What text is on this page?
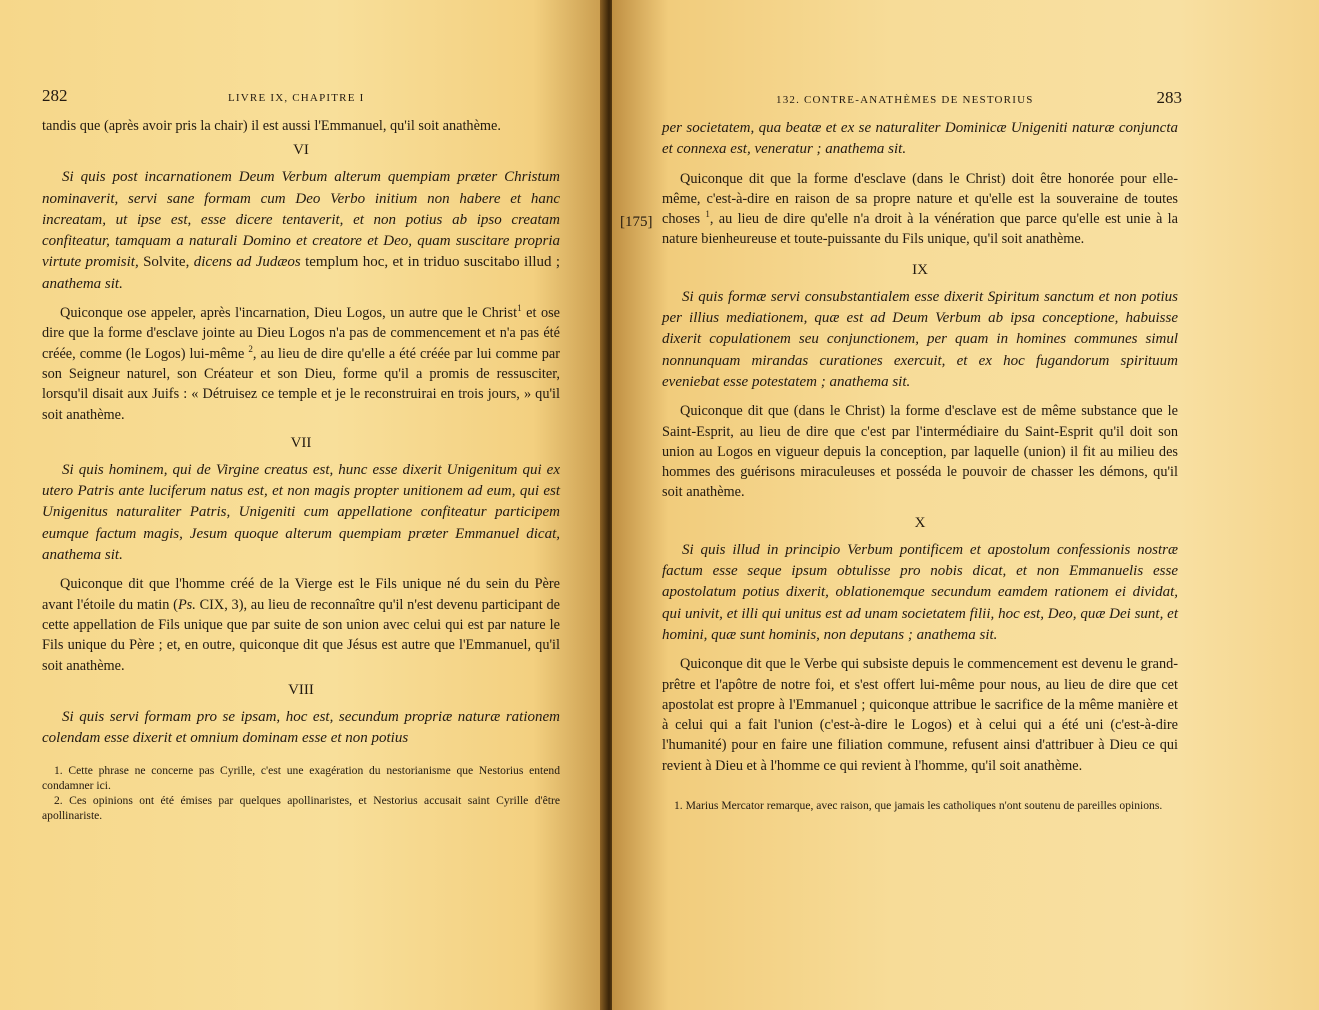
282	LIVRE IX, CHAPITRE I

tandis que (après avoir pris la chair) il est aussi l'Emmanuel, qu'il soit anathème.

VI

Si quis post incarnationem Deum Verbum alterum quempiam præter Christum nominaverit, servi sane formam cum Deo Verbo initium non habere et hanc increatam, ut ipse est, esse dicere tentaverit, et non potius ab ipso creatam confiteatur, tamquam a naturali Domino et creatore et Deo, quam suscitare propria virtute promisit, Solvite, dicens ad Judæos templum hoc, et in triduo suscitabo illud ; anathema sit.

Quiconque ose appeler, après l'incarnation, Dieu Logos, un autre que le Christ$^1$ et ose dire que la forme d'esclave jointe au Dieu Logos n'a pas de commencement et n'a pas été créée, comme (le Logos) lui-même $^2$, au lieu de dire qu'elle a été créée par lui comme par son Seigneur naturel, son Créateur et son Dieu, forme qu'il a promis de ressusciter, lorsqu'il disait aux Juifs : « Détruisez ce temple et je le reconstruirai en trois jours, » qu'il soit anathème.

VII

Si quis hominem, qui de Virgine creatus est, hunc esse dixerit Unigenitum qui ex utero Patris ante luciferum natus est, et non magis propter unitionem ad eum, qui est Unigenitus naturaliter Patris, Unigeniti cum appellatione confiteatur participem eumque factum magis, Jesum quoque alterum quempiam præter Emmanuel dicat, anathema sit.

Quiconque dit que l'homme créé de la Vierge est le Fils unique né du sein du Père avant l'étoile du matin (Ps. CIX, 3), au lieu de reconnaître qu'il n'est devenu participant de cette appellation de Fils unique que par suite de son union avec celui qui est par nature le Fils unique du Père ; et, en outre, quiconque dit que Jésus est autre que l'Emmanuel, qu'il soit anathème.

VIII

Si quis servi formam pro se ipsam, hoc est, secundum propriæ naturæ rationem colendam esse dixerit et omnium dominam esse et non potius

1. Cette phrase ne concerne pas Cyrille, c'est une exagération du nestorianisme que Nestorius entend condamner ici.

2. Ces opinions ont été émises par quelques apollinaristes, et Nestorius accusait saint Cyrille d'être apollinariste.

[175]
132. CONTRE-ANATHÈMES DE NESTORIUS	283

per societatem, qua beatæ et ex se naturaliter Dominicæ Unigeniti naturæ conjuncta et connexa est, veneratur ; anathema sit.

Quiconque dit que la forme d'esclave (dans le Christ) doit être honorée pour elle-même, c'est-à-dire en raison de sa propre nature et qu'elle est la souveraine de toutes choses $^1$, au lieu de dire qu'elle n'a droit à la vénération que parce qu'elle est unie à la nature bienheureuse et toute-puissante du Fils unique, qu'il soit anathème.

IX

Si quis formæ servi consubstantialem esse dixerit Spiritum sanctum et non potius per illius mediationem, quæ est ad Deum Verbum ab ipsa conceptione, habuisse dixerit copulationem seu conjunctionem, per quam in homines communes simul nonnunquam mirandas curationes exercuit, et ex hoc fugandorum spirituum eveniebat esse potestatem ; anathema sit.

Quiconque dit que (dans le Christ) la forme d'esclave est de même substance que le Saint-Esprit, au lieu de dire que c'est par l'intermédiaire du Saint-Esprit qu'il doit son union au Logos en vigueur depuis la conception, par laquelle (union) il fit au milieu des hommes des guérisons miraculeuses et posséda le pouvoir de chasser les démons, qu'il soit anathème.

X

Si quis illud in principio Verbum pontificem et apostolum confessionis nostræ factum esse seque ipsum obtulisse pro nobis dicat, et non Emmanuelis esse apostolatum potius dixerit, oblationemque secundum eamdem rationem ei dividat, qui univit, et illi qui unitus est ad unam societatem filii, hoc est, Deo, quæ Dei sunt, et homini, quæ sunt hominis, non deputans ; anathema sit.

Quiconque dit que le Verbe qui subsiste depuis le commencement est devenu le grand-prêtre et l'apôtre de notre foi, et s'est offert lui-même pour nous, au lieu de dire que cet apostolat est propre à l'Emmanuel ; quiconque attribue le sacrifice de la même manière et à celui qui a fait l'union (c'est-à-dire le Logos) et à celui qui a été uni (c'est-à-dire l'humanité) pour en faire une filiation commune, refusent ainsi d'attribuer à Dieu ce qui revient à Dieu et à l'homme ce qui revient à l'homme, qu'il soit anathème.

1. Marius Mercator remarque, avec raison, que jamais les catholiques n'ont soutenu de pareilles opinions.
